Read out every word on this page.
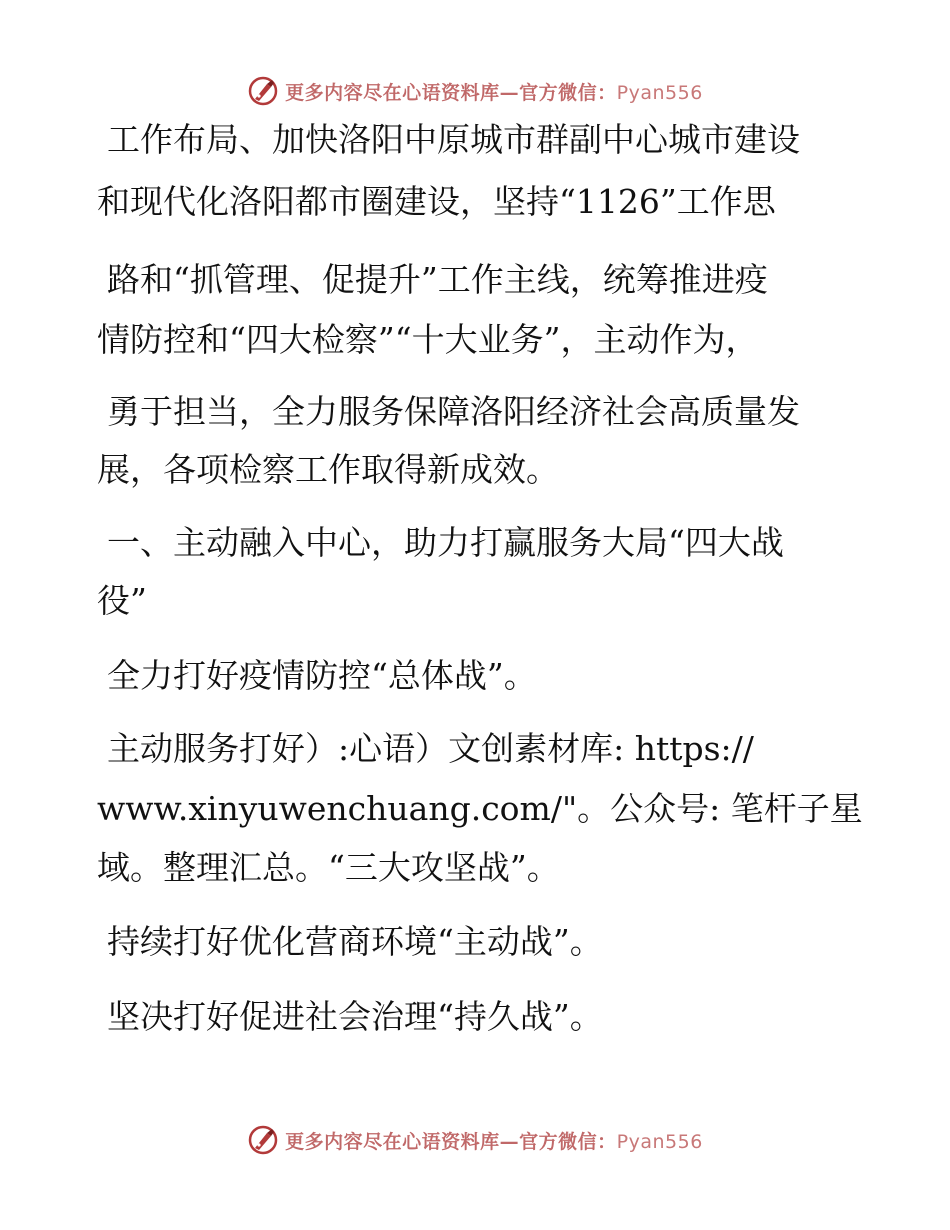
更多内容尽在心语资料库—官方微信：Pyan556
工作布局、加快洛阳中原城市群副中心城市建设
和现代化洛阳都市圈建设，坚持“1126”工作思
路和“抓管理、促提升”工作主线，统筹推进疫
情防控和“四大检察”“十大业务”，主动作为，
勇于担当，全力服务保障洛阳经济社会高质量发
展，各项检察工作取得新成效。
一、主动融入中心，助力打赢服务大局“四大战
役”
全力打好疫情防控“总体战”。
主动服务打好）:心语）文创素材库: https://
www.xinyuwenchuang.com/"。公众号: 笔杆子星
域。整理汇总。“三大攻坚战”。
持续打好优化营商环境“主动战”。
坚决打好促进社会治理“持久战”。
更多内容尽在心语资料库—官方微信：Pyan556
